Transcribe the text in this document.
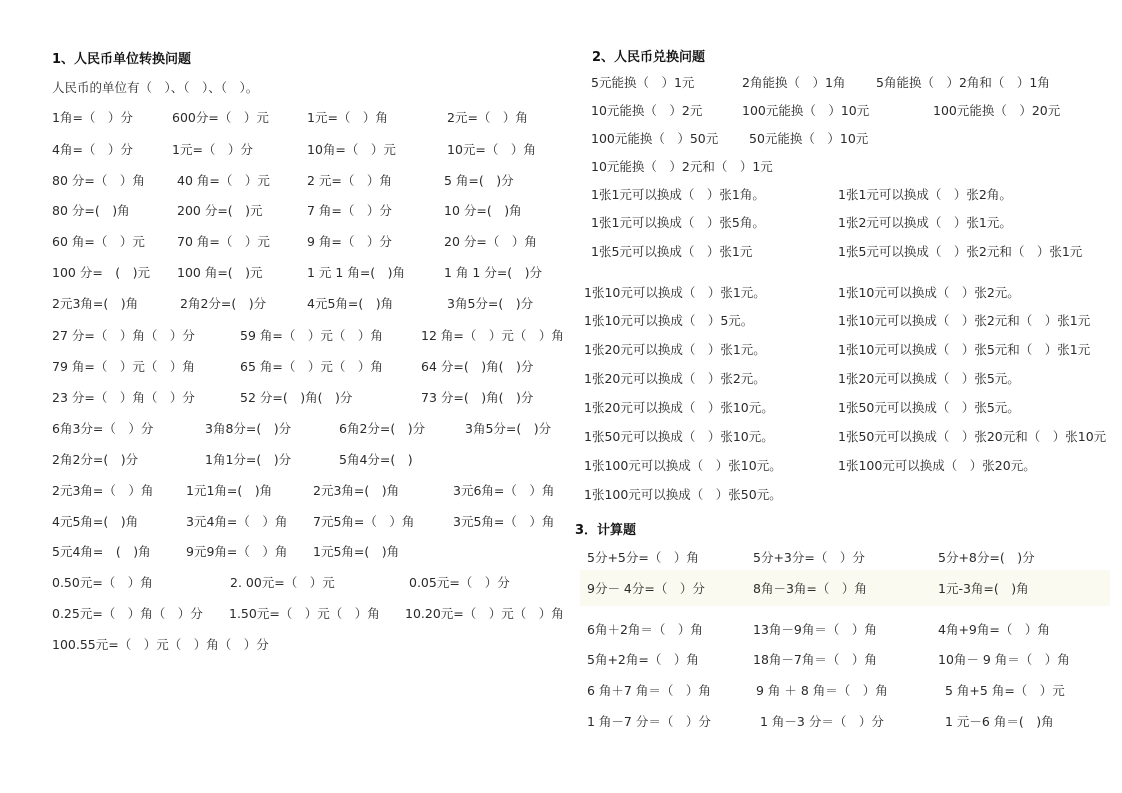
1、人民币单位转换问题
人民币的单位有（　）、（　）、（　）。
1角=（　）分	600分=（　）元	1元=（　）角	2元=（　）角
4角=（　）分	1元=（　）分	10角=（　）元	10元=（　）角
80 分=（　）角	40 角=（　）元	2 元=（　）角	5 角=(　)分
80 分=(　)角	200 分=(　)元	7 角=（　）分	10 分=(　)角
60 角=（　）元	70 角=（　）元	9 角=（　）分	20 分=（　）角
100 分=　(　)元 100 角=(　)元	1 元 1 角=(　)角	1 角 1 分=(　)分
2元3角=(　)角	2角2分=(　)分	4元5角=(　)角	3角5分=(　)分
27 分=（　）角（　）分	59 角=（　）元（　）角	12 角=（　）元（　）角
79 角=（　）元（　）角	65 角=（　）元（　）角	64 分=(　)角(　)分
23 分=（　）角（　）分	52 分=(　)角(　)分	73 分=(　)角(　)分
6角3分=（　）分	3角8分=(　)分	6角2分=(　)分	3角5分=(　)分
2角2分=(　)分	1角1分=(　)分	5角4分=(　)
2元3角=（　）角	1元1角=(　)角	2元3角=(　)角	3元6角=（　）角
4元5角=(　)角	3元4角=（　）角 7元5角=（　）角	3元5角=（　）角
5元4角=　(　)角	9元9角=（　）角 1元5角=(　)角
0.50元=（　）角	2. 00元=（　）元	0.05元=（　）分
0.25元=（　）角（　）分 1.50元=（　）元（　）角 10.20元=（　）元（　）角
100.55元=（　）元（　）角（　）分
2、人民币兑换问题
5元能换（　）1元	2角能换（　）1角 5角能换（　）2角和（　）1角
10元能换（　）2元	100元能换（　）10元	100元能换（　）20元
100元能换（　）50元 50元能换（　）10元
10元能换（　）2元和（　）1元
1张1元可以换成（　）张1角。	1张1元可以换成（　）张2角。
1张1元可以换成（　）张5角。	1张2元可以换成（　）张1元。
1张5元可以换成（　）张1元	1张5元可以换成（　）张2元和（　）张1元
1张10元可以换成（　）张1元。	1张10元可以换成（　）张2元。
1张10元可以换成（　）5元。	1张10元可以换成（　）张2元和（　）张1元
1张20元可以换成（　）张1元。	1张10元可以换成（　）张5元和（　）张1元
1张20元可以换成（　）张2元。	1张20元可以换成（　）张5元。
1张20元可以换成（　）张10元。	1张50元可以换成（　）张5元。
1张50元可以换成（　）张10元。	1张50元可以换成（　）张20元和（　）张10元
1张100元可以换成（　）张10元。	1张100元可以换成（　）张20元。
1张100元可以换成（　）张50元。
3．计算题
5分+5分=（　）角	5分+3分=（　）分	5分+8分=(　)分
9分－ 4分=（　）分	8角－3角=（　）角	1元-3角=(　)角
6角＋2角＝（　）角	13角－9角＝（　）角	4角+9角=（　）角
5角+2角=（　）角	18角－7角＝（　）角	10角－ 9 角＝（　）角
6 角＋7 角＝（　）角	9 角 ＋ 8 角＝（　）角	5 角+5 角=（　）元
1 角－7 分＝（　）分	1 角－3 分＝（　）分	1 元－6 角＝(　)角
